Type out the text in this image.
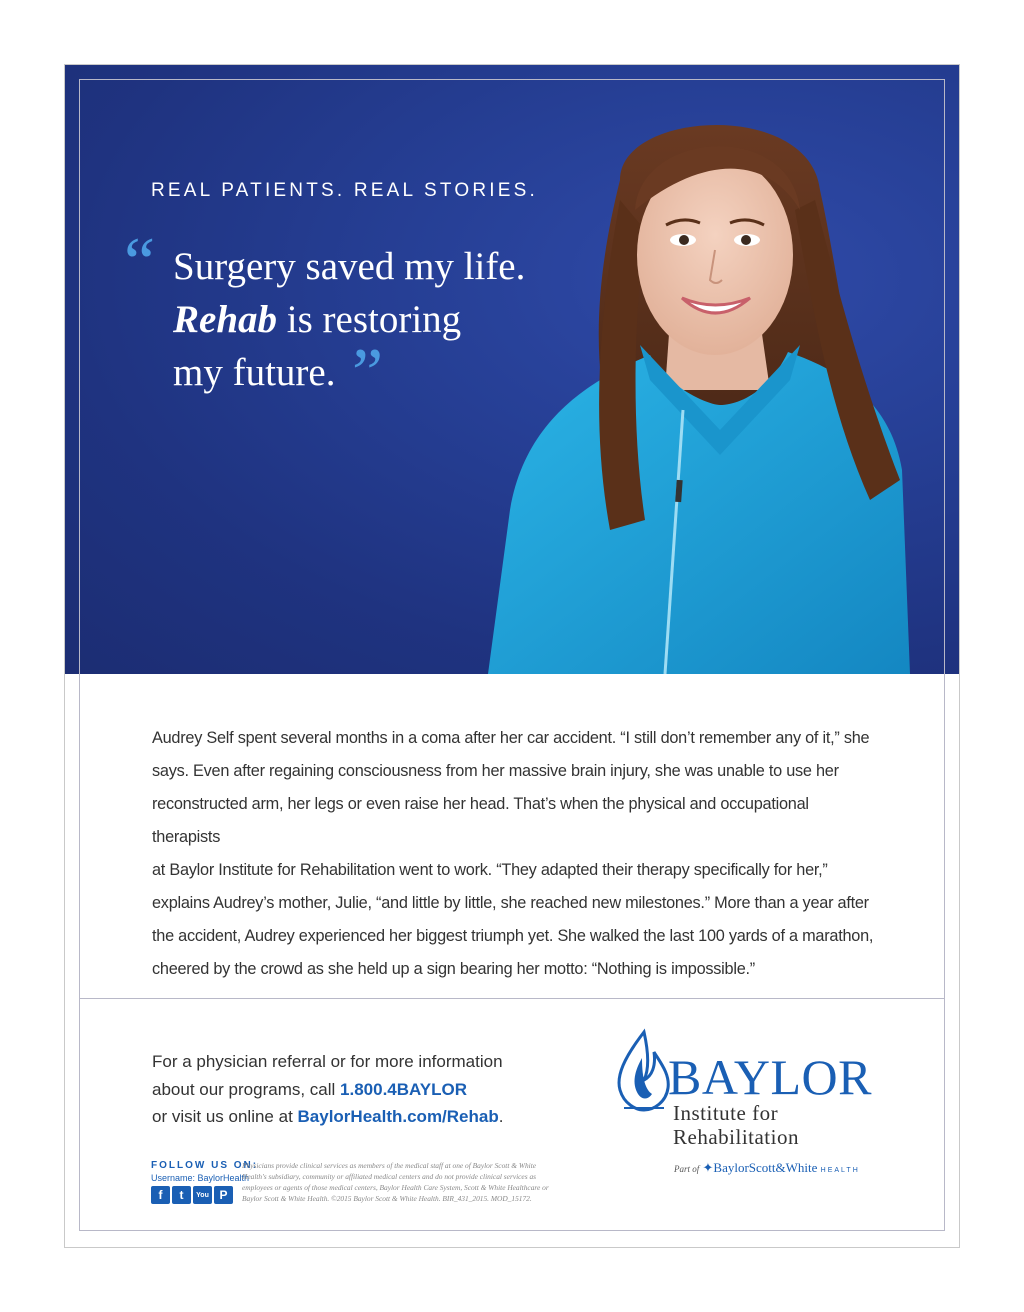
REAL PATIENTS. REAL STORIES.
“ Surgery saved my life.
Rehab is restoring
my future. ”
Audrey Self spent several months in a coma after her car accident. “I still don’t remember any of it,” she
says. Even after regaining consciousness from her massive brain injury, she was unable to use her
reconstructed arm, her legs or even raise her head. That’s when the physical and occupational therapists
at Baylor Institute for Rehabilitation went to work. “They adapted their therapy specifically for her,”
explains Audrey’s mother, Julie, “and little by little, she reached new milestones.” More than a year after
the accident, Audrey experienced her biggest triumph yet. She walked the last 100 yards of a marathon,
cheered by the crowd as she held up a sign bearing her motto: “Nothing is impossible.”
For a physician referral or for more information
about our programs, call 1.800.4BAYLOR
or visit us online at BaylorHealth.com/Rehab.
FOLLOW US ON:
Username: BaylorHealth
f	t	You P
Physicians provide clinical services as members of the medical staff at one of Baylor Scott & White Health's subsidiary, community or affiliated medical centers and do not provide clinical services as employees or agents of those medical centers, Baylor Health Care System, Scott & White Healthcare or Baylor Scott & White Health. ©2015 Baylor Scott & White Health. BIR_431_2015. MOD_15172.
BAYLOR
Institute for
Rehabilitation
Part of ✦BaylorScott&White HEALTH
